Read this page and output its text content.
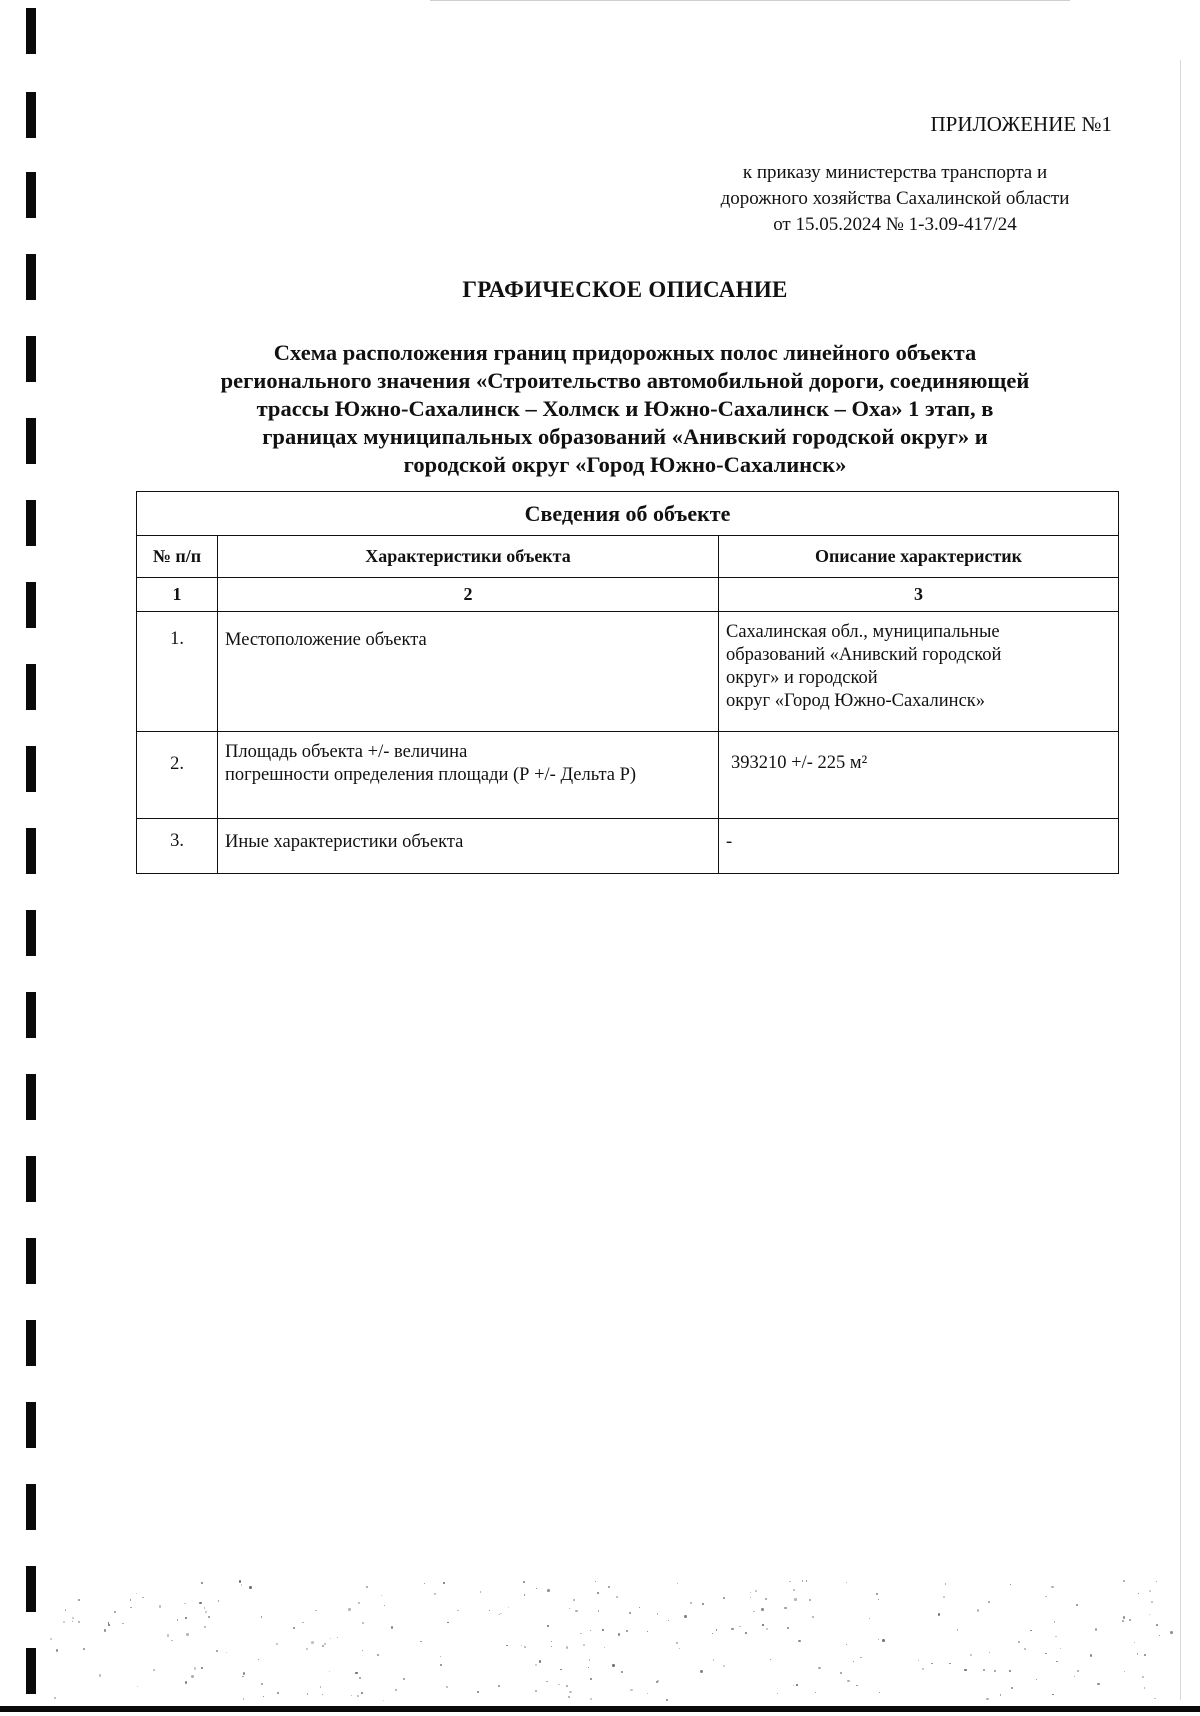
ПРИЛОЖЕНИЕ №1

к приказу министерства транспорта и
дорожного хозяйства Сахалинской области
от 15.05.2024 № 1-3.09-417/24
ГРАФИЧЕСКОЕ ОПИСАНИЕ
Схема расположения границ придорожных полос линейного объекта
регионального значения «Строительство автомобильной дороги, соединяющей
трассы Южно-Сахалинск – Холмск и Южно-Сахалинск – Оха» 1 этап, в
границах муниципальных образований «Анивский городской округ» и
городской округ «Город Южно-Сахалинск»
Сведения об объекте		
№ п/п	Характеристики объекта	Описание характеристик
1	2	3
1.	Местоположение объекта	Сахалинская обл., муниципальные
образований «Анивский городской
округ» и городской
округ «Город Южно-Сахалинск»

2.	Площадь объекта +/- величина
погрешности определения площади (Р +/- Дельта Р)	393210 +/- 225 м²

3.	Иные характеристики объекта	-
